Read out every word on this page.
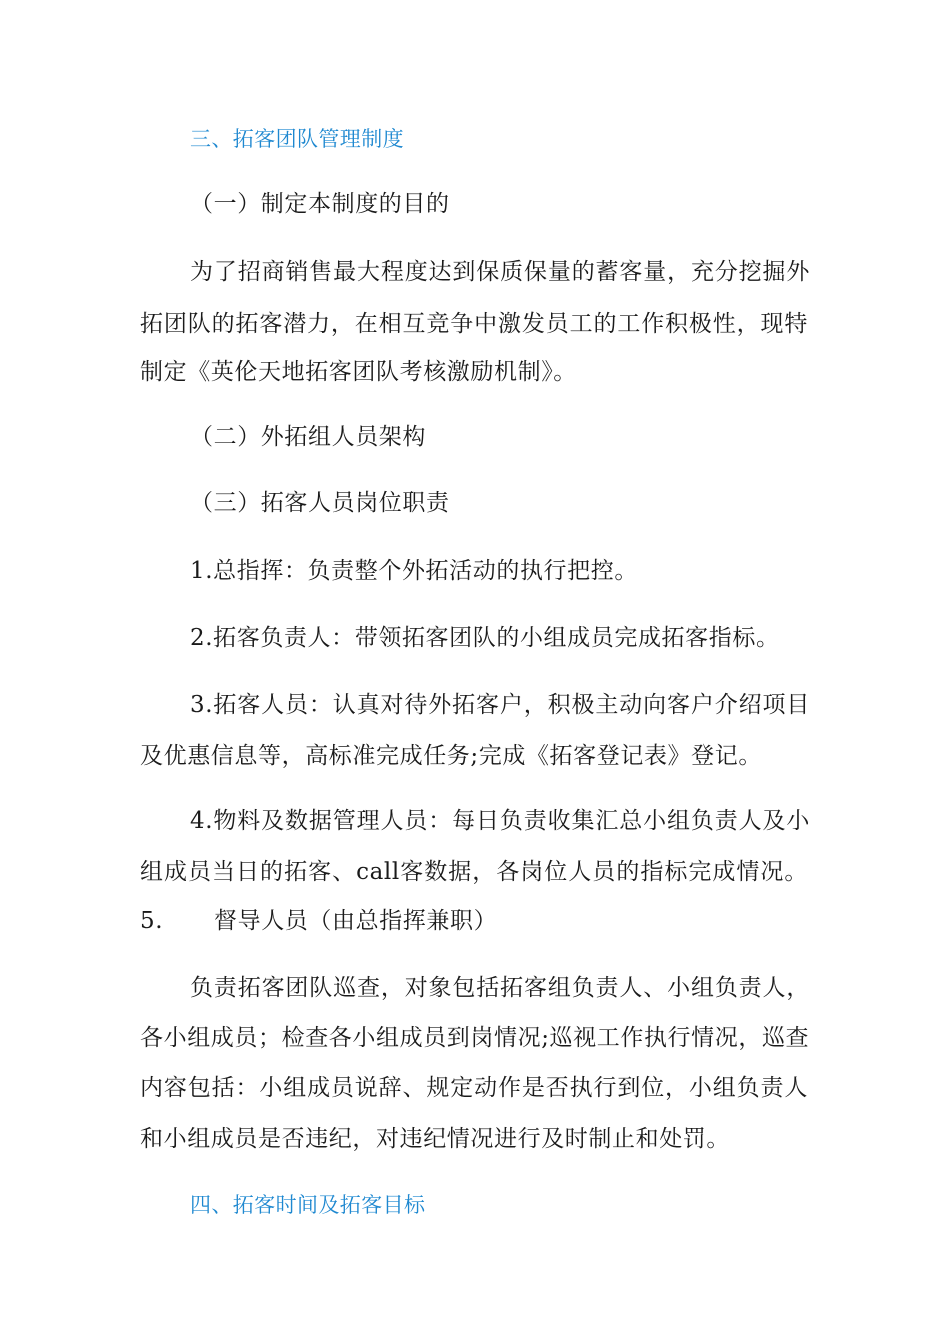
三、拓客团队管理制度
（一）制定本制度的目的
为了招商销售最大程度达到保质保量的蓄客量，充分挖掘外
拓团队的拓客潜力，在相互竞争中激发员工的工作积极性，现特
制定《英伦天地拓客团队考核激励机制》。
（二）外拓组人员架构
（三）拓客人员岗位职责
1.总指挥：负责整个外拓活动的执行把控。
2.拓客负责人：带领拓客团队的小组成员完成拓客指标。
3.拓客人员：认真对待外拓客户，积极主动向客户介绍项目
及优惠信息等，高标准完成任务;完成《拓客登记表》登记。
4.物料及数据管理人员：每日负责收集汇总小组负责人及小
组成员当日的拓客、call客数据，各岗位人员的指标完成情况。
5. 督导人员（由总指挥兼职）
负责拓客团队巡查，对象包括拓客组负责人、小组负责人，
各小组成员；检查各小组成员到岗情况;巡视工作执行情况，巡查
内容包括：小组成员说辞、规定动作是否执行到位，小组负责人
和小组成员是否违纪，对违纪情况进行及时制止和处罚。
四、拓客时间及拓客目标
